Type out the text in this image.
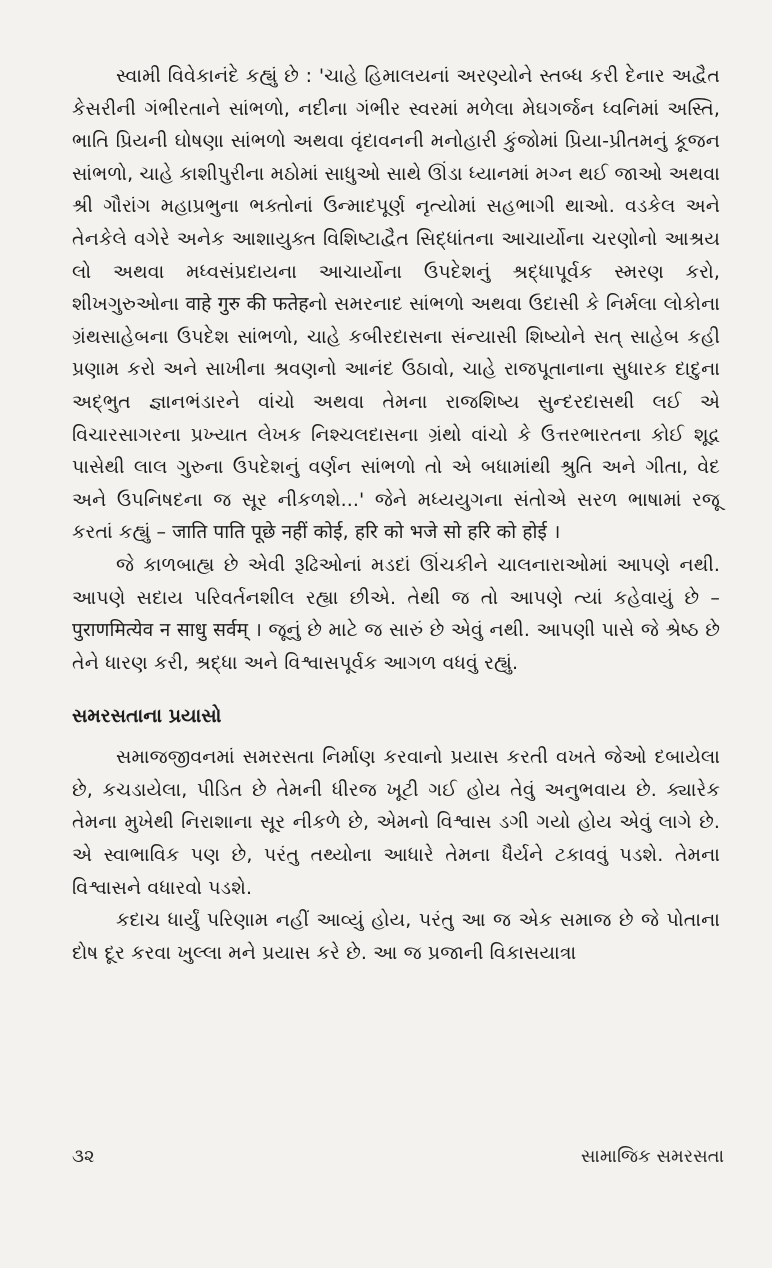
સ્વામી વિવેકાનંદે કહ્યું છે : 'ચાહે હિમાલયનાં અરણ્યોને સ્તબ્ધ કરી દેનાર અદ્વૈત કેસરીની ગંભીરતાને સાંભળો, નદીના ગંભીર સ્વરમાં મળેલા મેઘગર્જન ધ્વનિમાં અસ્તિ, ભાતિ પ્રિયની ઘોષણા સાંભળો અથવા વૃંદાવનની મનોહારી કુંજોમાં પ્રિયા-પ્રીતમનું કૂજન સાંભળો, ચાહે કાશીપુરીના મઠોમાં સાધુઓ સાથે ઊંડા ધ્યાનમાં મગ્ન થઈ જાઓ અથવા શ્રી ગૌરાંગ મહાપ્રભુના ભક્તોનાં ઉન્માદપૂર્ણ નૃત્યોમાં સહભાગી થાઓ. વડકેલ અને તેનકેલે વગેરે અનેક આશાયુક્ત વિશિષ્ટાદ્વૈત સિદ્ધાંતના આચાર્યોના ચરણોનો આશ્રય લો અથવા મધ્વસંપ્રદાયના આચાર્યોના ઉપદેશનું શ્રદ્ધાપૂર્વક સ્મરણ કરો, શીખગુરુઓના वाहे गुरु की फतेहનો સમરનાદ સાંભળો અથવા ઉદાસી કે નિર્મલા લોકોના ગ્રંથસાહેબના ઉપદેશ સાંભળો, ચાહે કબીરદાસના સંન્યાસી શિષ્યોને સત્ સાહેબ કહી પ્રણામ કરો અને સાખીના શ્રવણનો આનંદ ઉઠાવો, ચાહે રાજપૂતાનાના સુધારક દાદુના અદ્ભુત જ્ઞાનભંડારને વાંચો અથવા તેમના રાજશિષ્ય સુન્દરદાસથી લઈ એ વિચારસાગરના પ્રખ્યાત લેખક નિશ્ચલદાસના ગ્રંથો વાંચો કે ઉત્તરભારતના કોઈ શૂદ્ર પાસેથી લાલ ગુરુના ઉપદેશનું વર્ણન સાંભળો તો એ બધામાંથી શ્રુતિ અને ગીતા, વેદ અને ઉપનિષદના જ સૂર નીકળશે...' જેને મધ્યયુગના સંતોએ સરળ ભાષામાં રજૂ કરતાં કહ્યું – जाति पाति पूछे नहीं कोई, हरि को भजे सो हरि को होई ।

જે કાળબાહ્ય છે એવી રૂઢિઓનાં મડદાં ઊંચકીને ચાલનારાઓમાં આપણે નથી. આપણે સદાય પરિવર્તનશીલ રહ્યા છીએ. તેથી જ તો આપણે ત્યાં કહેવાયું છે – पुराणमित्येव न साधु सर्वम् । જૂનું છે માટે જ સારું છે એવું નથી. આપણી પાસે જે શ્રેષ્ઠ છે તેને ધારણ કરી, શ્રદ્ધા અને વિશ્વાસપૂર્વક આગળ વધવું રહ્યું.

સમરસતાના પ્રયાસો

સમાજજીવનમાં સમરસતા નિર્માણ કરવાનો પ્રયાસ કરતી વખતે જેઓ દબાયેલા છે, કચડાયેલા, પીડિત છે તેમની ધીરજ ખૂટી ગઈ હોય તેવું અનુભવાય છે. ક્યારેક તેમના મુખેથી નિરાશાના સૂર નીકળે છે, એમનો વિશ્વાસ ડગી ગયો હોય એવું લાગે છે. એ સ્વાભાવિક પણ છે, પરંતુ તથ્યોના આધારે તેમના ધૈર્યને ટકાવવું પડશે. તેમના વિશ્વાસને વધારવો પડશે.

કદાચ ધાર્યું પરિણામ નહીં આવ્યું હોય, પરંતુ આ જ એક સમાજ છે જે પોતાના દોષ દૂર કરવા ખુલ્લા મને પ્રયાસ કરે છે. આ જ પ્રજાની વિકાસયાત્રા

૩૨	સામાજિક સમરસતા
